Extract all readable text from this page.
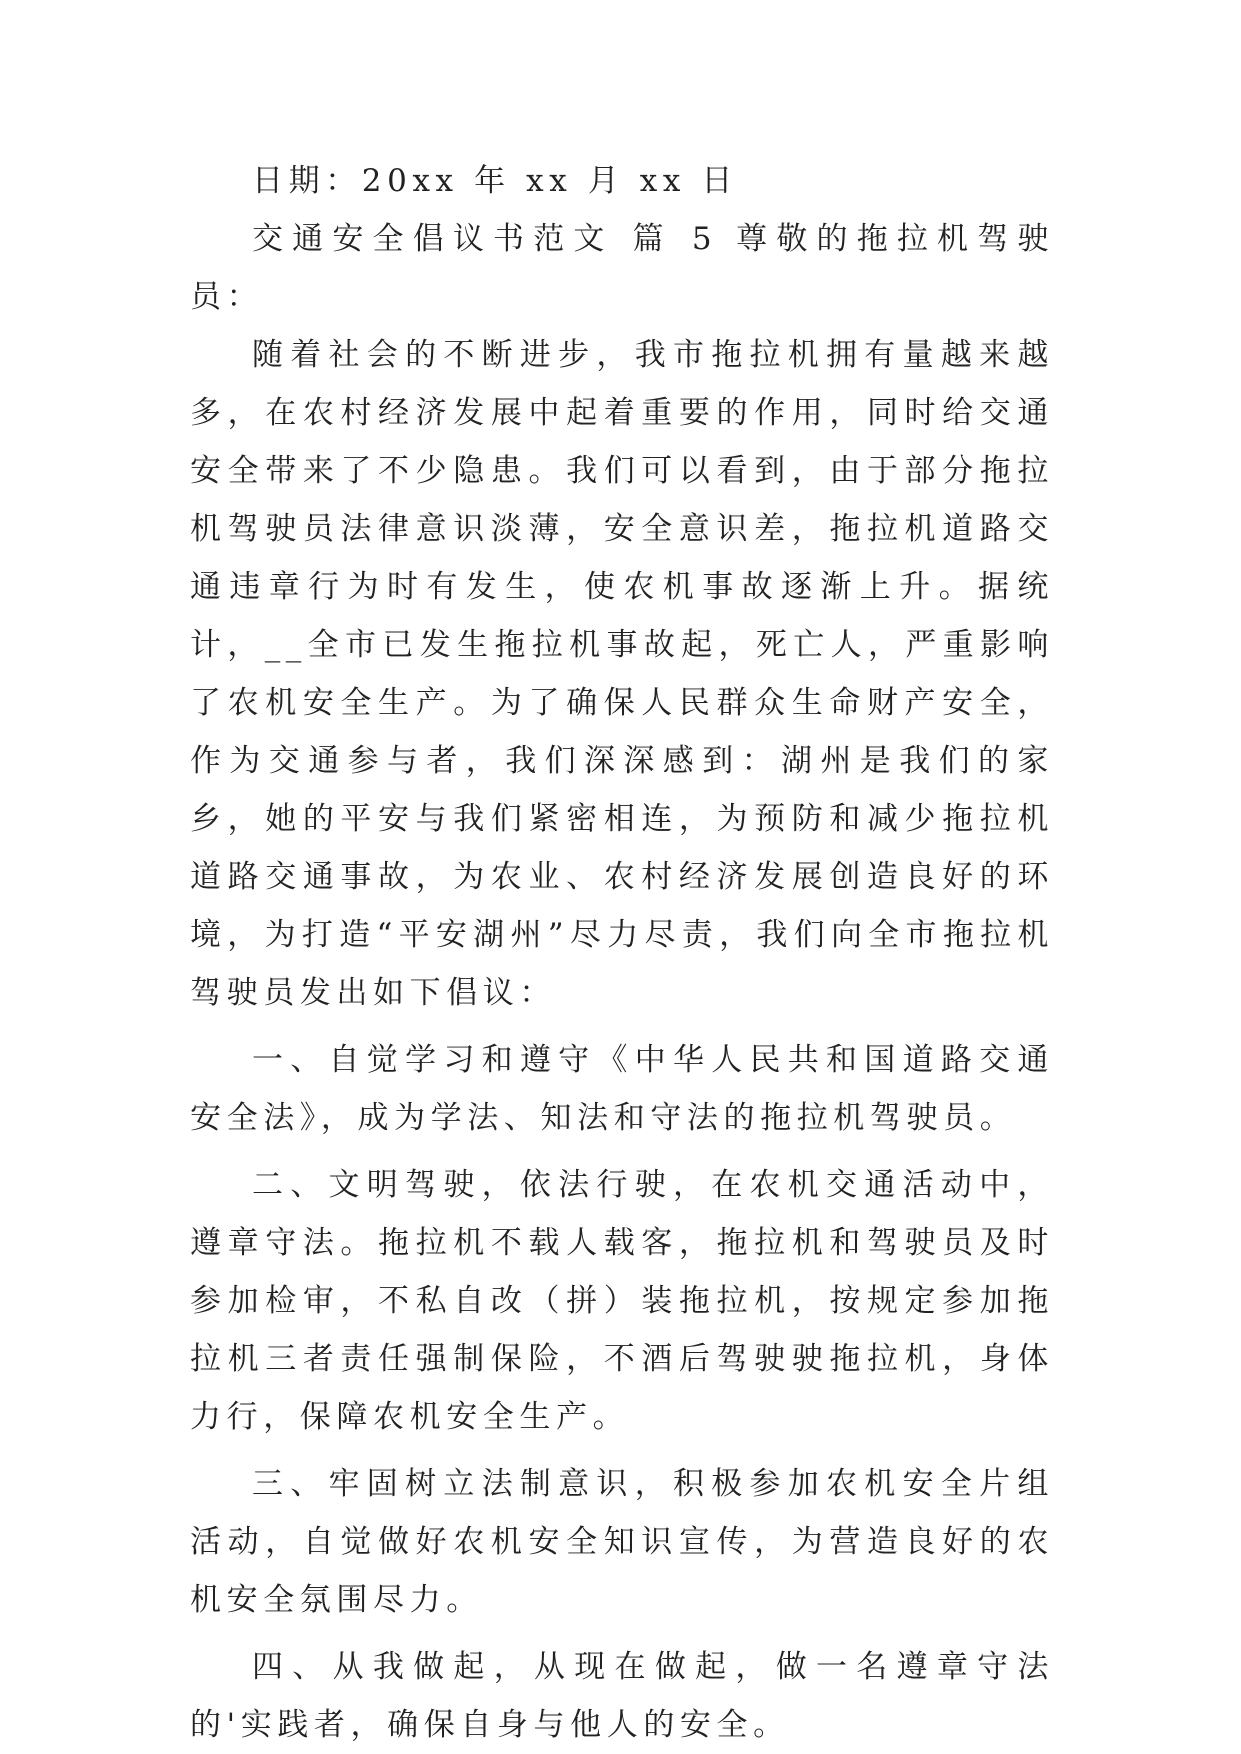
日期：20xx 年 xx 月 xx 日

交通安全倡议书范文 篇 5 尊敬的拖拉机驾驶员：

随着社会的不断进步，我市拖拉机拥有量越来越多，在农村经济发展中起着重要的作用，同时给交通安全带来了不少隐患。我们可以看到，由于部分拖拉机驾驶员法律意识淡薄，安全意识差，拖拉机道路交通违章行为时有发生，使农机事故逐渐上升。据统计，__全市已发生拖拉机事故起，死亡人，严重影响了农机安全生产。为了确保人民群众生命财产安全，作为交通参与者，我们深深感到：湖州是我们的家乡，她的平安与我们紧密相连，为预防和减少拖拉机道路交通事故，为农业、农村经济发展创造良好的环境，为打造“平安湖州”尽力尽责，我们向全市拖拉机驾驶员发出如下倡议：

一、自觉学习和遵守《中华人民共和国道路交通安全法》，成为学法、知法和守法的拖拉机驾驶员。

二、文明驾驶，依法行驶，在农机交通活动中，遵章守法。拖拉机不载人载客，拖拉机和驾驶员及时参加检审，不私自改（拼）装拖拉机，按规定参加拖拉机三者责任强制保险，不酒后驾驶驶拖拉机，身体力行，保障农机安全生产。

三、牢固树立法制意识，积极参加农机安全片组活动，自觉做好农机安全知识宣传，为营造良好的农机安全氛围尽力。

四、从我做起，从现在做起，做一名遵章守法的'实践者，确保自身与他人的安全。
